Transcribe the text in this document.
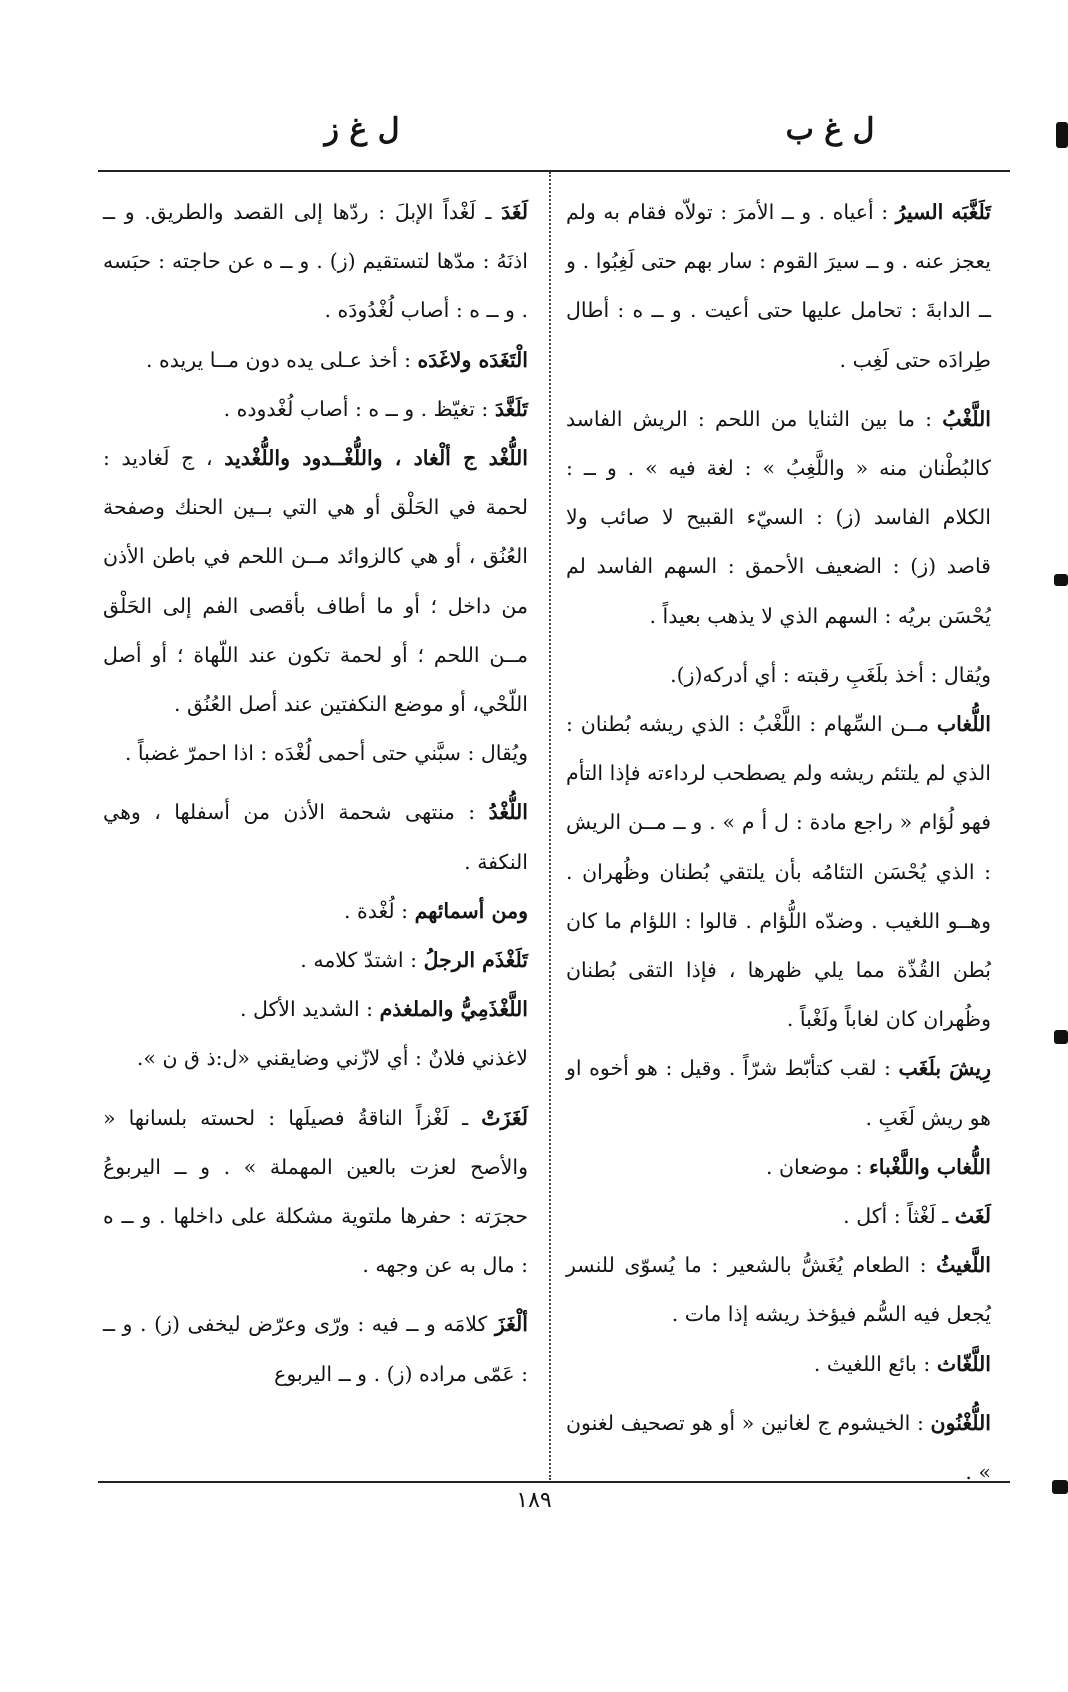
ل غ ب
ل غ ز

تَلَغَّبَه السيرُ : أعياه . و ــ الأمرَ : تولاّه فقام به ولم يعجز عنه . و ــ سيرَ القوم : سار بهم حتى لَغِبُوا . و ــ الدابةَ : تحامل عليها حتى أعيت . و ــ ه : أطال طِرادَه حتى لَغِب .

اللَّغْبُ : ما بين الثنايا من اللحم : الريش الفاسد كالبُطْنان منه « واللَّغِبُ » : لغة فيه » . و ــ : الكلام الفاسد (ز) : السيّء القبيح لا صائب ولا قاصد (ز) : الضعيف الأحمق : السهم الفاسد لم يُحْسَن بريُه : السهم الذي لا يذهب بعيداً .

ويُقال : أخذ بلَغَبِ رقبته : أي أدركه(ز).

اللُّغاب مــن السِّهام : اللَّغْبُ : الذي ريشه بُطنان : الذي لم يلتئم ريشه ولم يصطحب لرداءته فإذا التأم فهو لُؤام « راجع مادة : ل أ م » . و ــ مــن الريش : الذي يُحْسَن التئامُه بأن يلتقي بُطنان وظُهران . وهــو اللغيب . وضدّه اللُّؤام . قالوا : اللؤام ما كان بُطن القُذّة مما يلي ظهرها ، فإذا التقى بُطنان وظُهران كان لغاباً ولَغْباً .

رِيشَ بلَغَب : لقب كتأبّط شرّاً . وقيل : هو أخوه او هو ريش لَغَبِ .

اللُّغاب واللَّغْباء : موضعان .

لَغَث ـ لَغْثاً : أكل .

اللَّغيثُ : الطعام يُغَشُّ بالشعير : ما يُسوّى للنسر يُجعل فيه السُّم فيؤخذ ريشه إذا مات .

اللَّغّاث : بائع اللغيث .

اللُّغْنُون : الخيشوم ج لغانين « أو هو تصحيف لغنون » .

لَغَدَ ـ لَغْداً الإبلَ : ردّها إلى القصد والطريق. و ــ اذنَهُ : مدّها لتستقيم (ز) . و ــ ه عن حاجته : حبَسه . و ــ ه : أصاب لُغْدُودَه .

الْتَغَدَه ولاغَدَه : أخذ عـلى يده دون مــا يريده .

تَلَغَّدَ : تغيّظ . و ــ ه : أصاب لُغْدوده .

اللُّغْد ج ألْغاد ، واللُّغْــدود واللُّغْديد ، ج لَغاديد : لحمة في الحَلْق أو هي التي بــين الحنك وصفحة العُنُق ، أو هي كالزوائد مــن اللحم في باطن الأذن من داخل ؛ أو ما أطاف بأقصى الفم إلى الحَلْق مــن اللحم ؛ أو لحمة تكون عند اللّهاة ؛ أو أصل اللّحْي، أو موضع النكفتين عند أصل العُنُق .

ويُقال : سبَّني حتى أحمى لُغْدَه : اذا احمرّ غضباً .

اللُّغْدُ : منتهى شحمة الأذن من أسفلها ، وهي النكفة .

ومن أسمائهم : لُغْدة .

تَلَغْذَم الرجلُ : اشتدّ كلامه .

اللَّغْذَمِيُّ والملغذم : الشديد الأكل .

لاغذني فلانٌ : أي لازّني وضايقني «ل:ذ ق ن ».

لَغَزَتْ ـ لَغْزاً الناقةُ فصيلَها : لحسته بلسانها « والأصح لعزت بالعين المهملة » . و ــ اليربوعُ حجرَته : حفرها ملتوية مشكلة على داخلها . و ــ ه : مال به عن وجهه .

ألْغَزَ كلامَه و ــ فيه : ورّى وعرّض ليخفى (ز) . و ــ : عَمّى مراده (ز) . و ــ اليربوع

١٨٩
